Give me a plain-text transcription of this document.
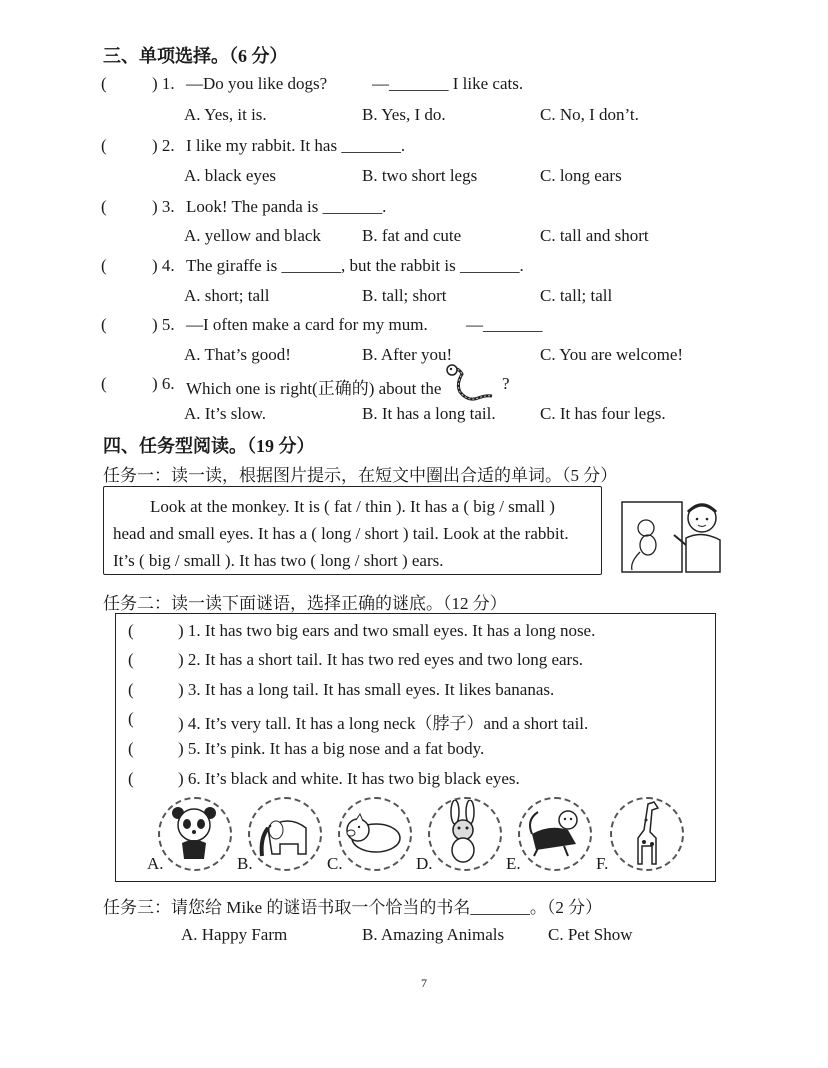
三、单项选择。（6 分）
(	) 1. —Do you like dogs?	—_______ I like cats.
A. Yes, it is.	B. Yes, I do.	C. No, I don’t.
(	) 2. I like my rabbit. It has _______.
A. black eyes	B. two short legs	C. long ears
(	) 3. Look! The panda is _______.
A. yellow and black B. fat and cute	C. tall and short
(	) 4. The giraffe is _______, but the rabbit is _______.
A. short; tall	B. tall; short	C. tall; tall
(	) 5. —I often make a card for my mum. —_______
A. That’s good!	B. After you!	C. You are welcome!
(	) 6. Which one is right(正确的) about the	?
A. It’s slow.	B. It has a long tail.	C. It has four legs.
四、任务型阅读。（19 分）
任务一：读一读，根据图片提示，在短文中圈出合适的单词。（5 分）
Look at the monkey. It is ( fat / thin ). It has a ( big / small )
head and small eyes. It has a ( long / short ) tail. Look at the rabbit.
It’s ( big / small ). It has two ( long / short ) ears.
任务二：读一读下面谜语，选择正确的谜底。（12 分）
(	) 1. It has two big ears and two small eyes. It has a long nose.
(	) 2. It has a short tail. It has two red eyes and two long ears.
(	) 3. It has a long tail. It has small eyes. It likes bananas.
(	) 4. It’s very tall. It has a long neck（脖子）and a short tail.
(	) 5. It’s pink. It has a big nose and a fat body.
(	) 6. It’s black and white. It has two big black eyes.
A.	B.	C.	D.	E.	F.
任务三：请您给 Mike 的谜语书取一个恰当的书名_______。（2 分）
A. Happy Farm	B. Amazing Animals	C. Pet Show
7
